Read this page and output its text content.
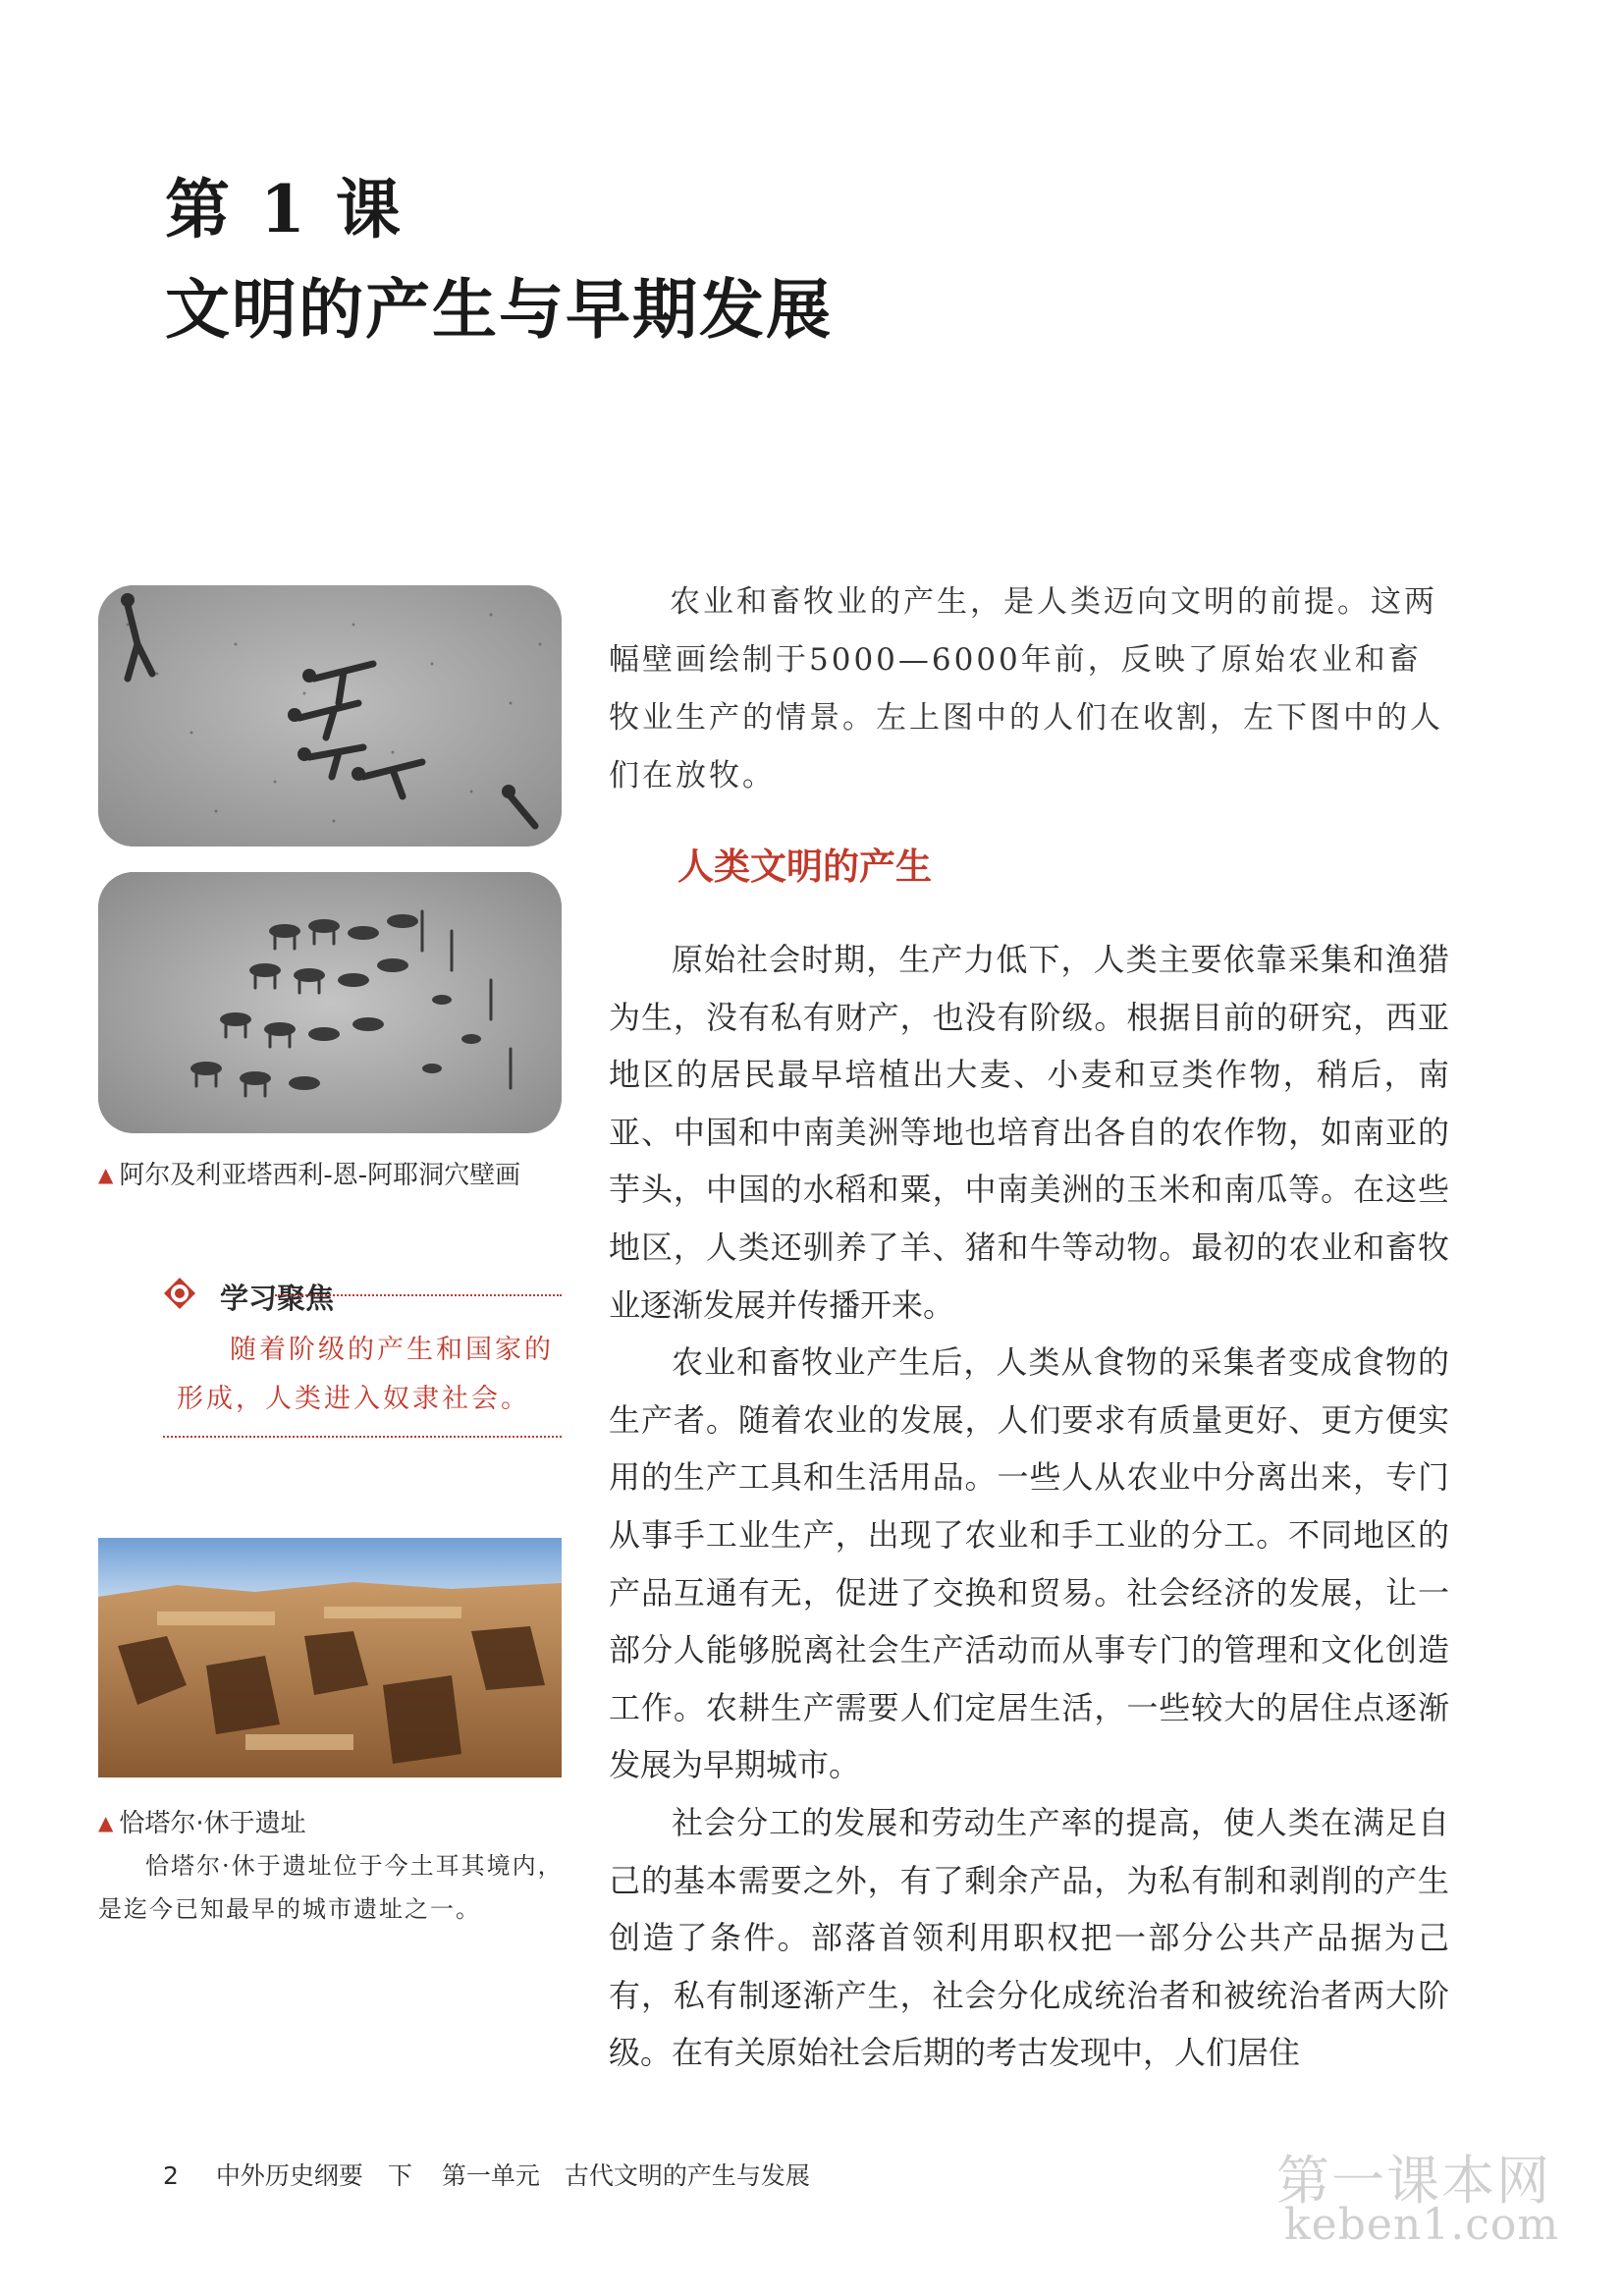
第 1 课
文明的产生与早期发展
▲ 阿尔及利亚塔西利-恩-阿耶洞穴壁画
学习聚焦
随着阶级的产生和国家的形成，人类进入奴隶社会。
▲ 恰塔尔·休于遗址
恰塔尔·休于遗址位于今土耳其境内，是迄今已知最早的城市遗址之一。
农业和畜牧业的产生，是人类迈向文明的前提。这两幅壁画绘制于5000—6000年前，反映了原始农业和畜牧业生产的情景。左上图中的人们在收割，左下图中的人们在放牧。
人类文明的产生

原始社会时期，生产力低下，人类主要依靠采集和渔猎为生，没有私有财产，也没有阶级。根据目前的研究，西亚地区的居民最早培植出大麦、小麦和豆类作物，稍后，南亚、中国和中南美洲等地也培育出各自的农作物，如南亚的芋头，中国的水稻和粟，中南美洲的玉米和南瓜等。在这些地区，人类还驯养了羊、猪和牛等动物。最初的农业和畜牧业逐渐发展并传播开来。

农业和畜牧业产生后，人类从食物的采集者变成食物的生产者。随着农业的发展，人们要求有质量更好、更方便实用的生产工具和生活用品。一些人从农业中分离出来，专门从事手工业生产，出现了农业和手工业的分工。不同地区的产品互通有无，促进了交换和贸易。社会经济的发展，让一部分人能够脱离社会生产活动而从事专门的管理和文化创造工作。农耕生产需要人们定居生活，一些较大的居住点逐渐发展为早期城市。

社会分工的发展和劳动生产率的提高，使人类在满足自己的基本需要之外，有了剩余产品，为私有制和剥削的产生创造了条件。部落首领利用职权把一部分公共产品据为己有，私有制逐渐产生，社会分化成统治者和被统治者两大阶级。在有关原始社会后期的考古发现中，人们居住

2 中外历史纲要　下 第一单元　古代文明的产生与发展	第一课本网
keben1.com
